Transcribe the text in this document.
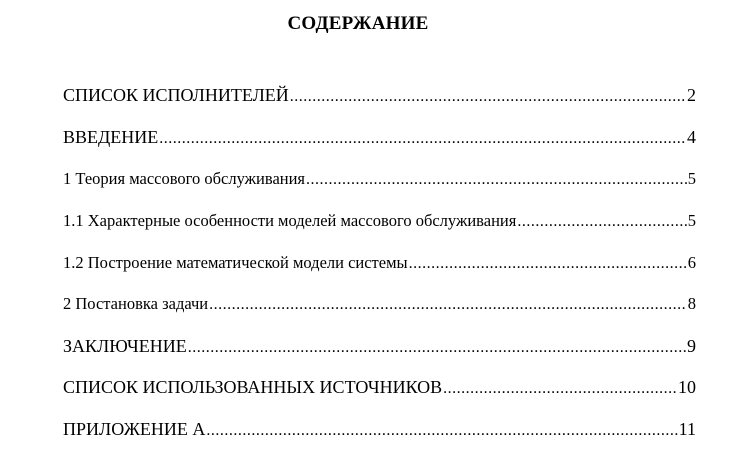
СОДЕРЖАНИЕ
СПИСОК ИСПОЛНИТЕЛЕЙ .....	2
ВВЕДЕНИЕ .....	4
1 Теория массового обслуживания .....	5
1.1 Характерные особенности моделей массового обслуживания .....	5
1.2 Построение математической модели системы .....	6
2 Постановка задачи .....	8
ЗАКЛЮЧЕНИЕ .....	9
СПИСОК ИСПОЛЬЗОВАННЫХ ИСТОЧНИКОВ .....	10
ПРИЛОЖЕНИЕ А .....	11
